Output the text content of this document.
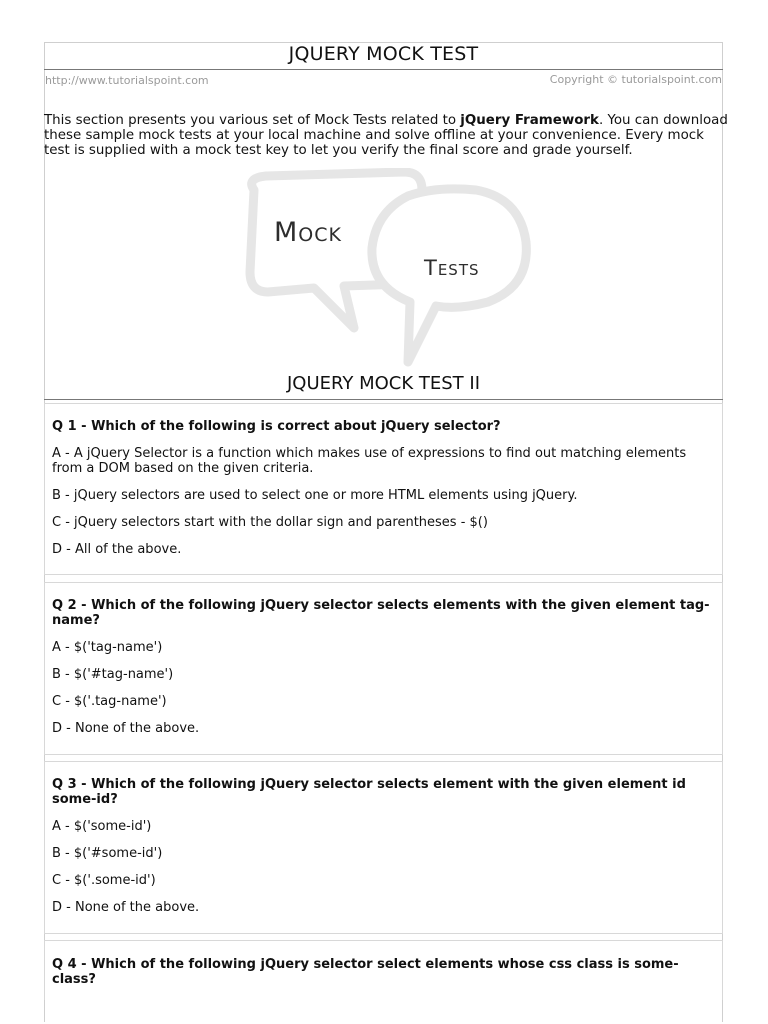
JQUERY MOCK TEST
http://www.tutorialspoint.com	Copyright © tutorialspoint.com

This section presents you various set of Mock Tests related to jQuery Framework. You can download these sample mock tests at your local machine and solve offline at your convenience. Every mock test is supplied with a mock test key to let you verify the final score and grade yourself.

Mock
Tests
JQUERY MOCK TEST II

Q 1 - Which of the following is correct about jQuery selector?

A - A jQuery Selector is a function which makes use of expressions to find out matching elements from a DOM based on the given criteria.

B - jQuery selectors are used to select one or more HTML elements using jQuery.

C - jQuery selectors start with the dollar sign and parentheses - $()

D - All of the above.

Q 2 - Which of the following jQuery selector selects elements with the given element tag-name?

A - $('tag-name')

B - $('#tag-name')

C - $('.tag-name')

D - None of the above.

Q 3 - Which of the following jQuery selector selects element with the given element id some-id?

A - $('some-id')

B - $('#some-id')

C - $('.some-id')

D - None of the above.

Q 4 - Which of the following jQuery selector select elements whose css class is some-class?
